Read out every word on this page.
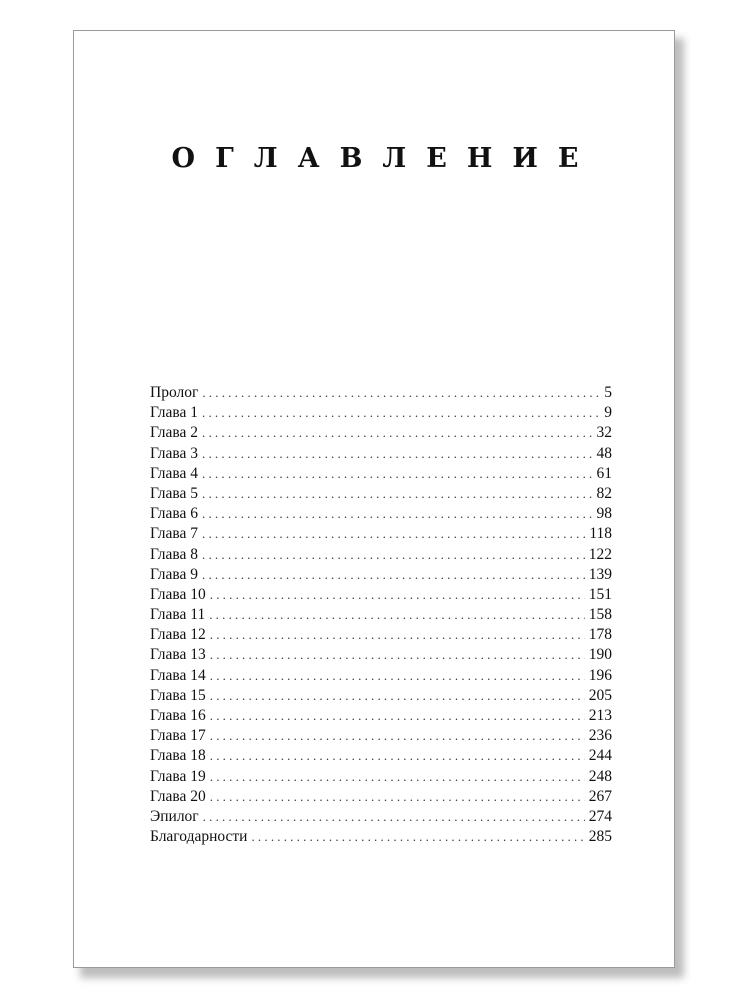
ОГЛАВЛЕНИЕ
Пролог .....	5
Глава 1 .....	9
Глава 2 .....	32
Глава 3 .....	48
Глава 4 .....	61
Глава 5 .....	82
Глава 6 .....	98
Глава 7 .....	118
Глава 8 .....	122
Глава 9 .....	139
Глава 10 .....	151
Глава 11 .....	158
Глава 12 .....	178
Глава 13 .....	190
Глава 14 .....	196
Глава 15 .....	205
Глава 16 .....	213
Глава 17 .....	236
Глава 18 .....	244
Глава 19 .....	248
Глава 20 .....	267
Эпилог .....	274
Благодарности .....	285
